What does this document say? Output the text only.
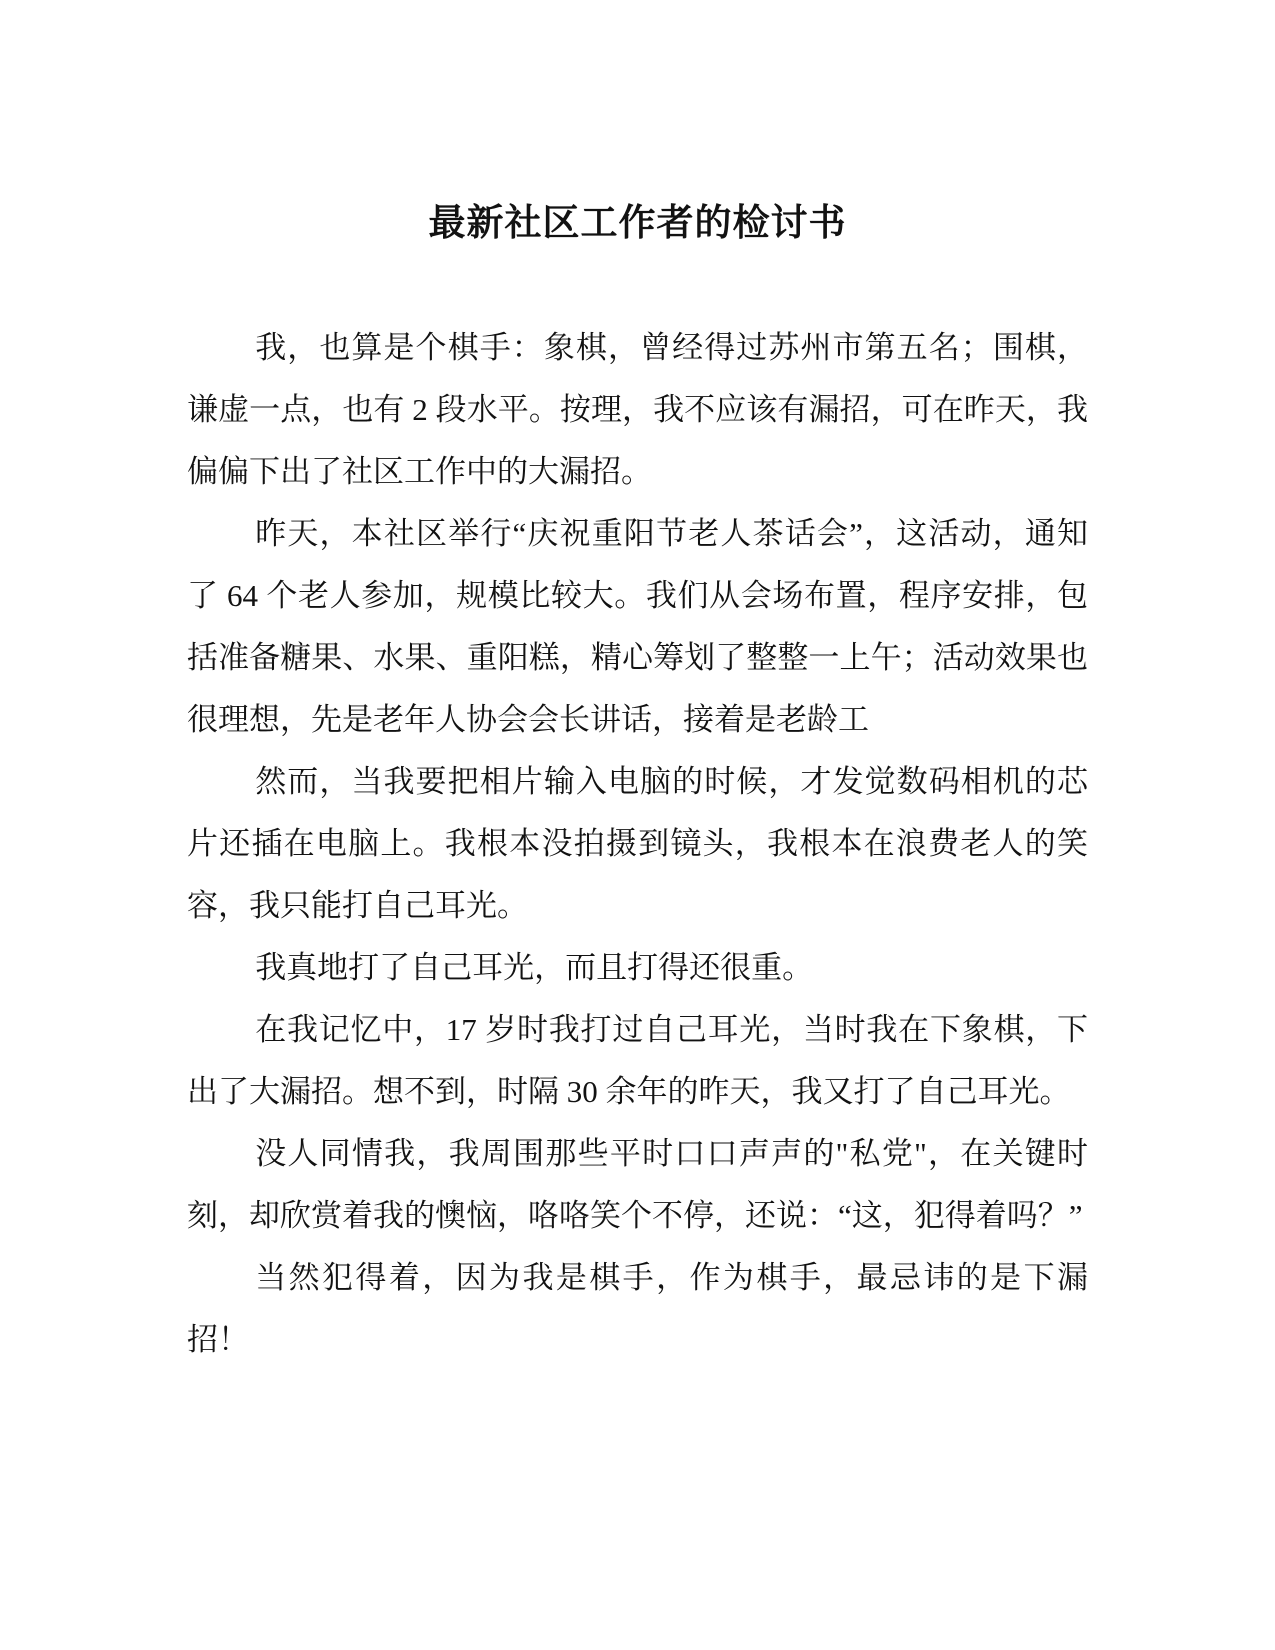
最新社区工作者的检讨书

我，也算是个棋手：象棋，曾经得过苏州市第五名；围棋，谦虚一点，也有 2 段水平。按理，我不应该有漏招，可在昨天，我偏偏下出了社区工作中的大漏招。

昨天，本社区举行“庆祝重阳节老人茶话会”，这活动，通知了 64 个老人参加，规模比较大。我们从会场布置，程序安排，包括准备糖果、水果、重阳糕，精心筹划了整整一上午；活动效果也很理想，先是老年人协会会长讲话，接着是老龄工

然而，当我要把相片输入电脑的时候，才发觉数码相机的芯片还插在电脑上。我根本没拍摄到镜头，我根本在浪费老人的笑容，我只能打自己耳光。

我真地打了自己耳光，而且打得还很重。

在我记忆中，17 岁时我打过自己耳光，当时我在下象棋，下出了大漏招。想不到，时隔 30 余年的昨天，我又打了自己耳光。

没人同情我，我周围那些平时口口声声的"私党"，在关键时刻，却欣赏着我的懊恼，咯咯笑个不停，还说：“这，犯得着吗？”

当然犯得着，因为我是棋手，作为棋手，最忌讳的是下漏招！
